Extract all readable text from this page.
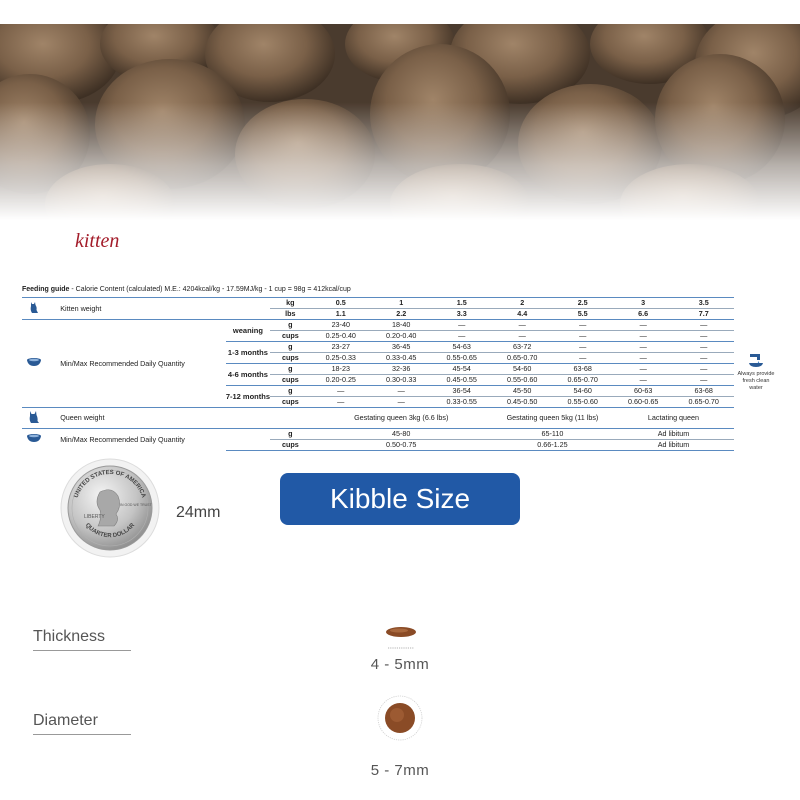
kitten
Feeding guide - Calorie Content (calculated) M.E.: 4204kcal/kg - 17.59MJ/kg - 1 cup = 98g = 412kcal/cup
	Kitten weight		kg	0.5	1	1.5	2	2.5	3	3.5
			lbs	1.1	2.2	3.3	4.4	5.5	6.6	7.7
	Min/Max Recommended Daily Quantity	weaning	g	23-40	18-40	—	—	—	—	—
			cups	0.25-0.40	0.20-0.40	—	—	—	—	—
		1-3 months	g	23-27	36-45	54-63	63-72	—	—	—
			cups	0.25-0.33	0.33-0.45	0.55-0.65	0.65-0.70	—	—	—
		4-6 months	g	18-23	32-36	45-54	54-60	63-68	—	—
			cups	0.20-0.25	0.30-0.33	0.45-0.55	0.55-0.60	0.65-0.70	—	—
		7-12 months	g	—	—	36-54	45-50	54-60	60-63	63-68
			cups	—	—	0.33-0.55	0.45-0.50	0.55-0.60	0.60-0.65	0.65-0.70
	Queen weight			Gestating queen 3kg (6.6 lbs)			Gestating queen 5kg (11 lbs)		Lactating queen	
	Min/Max Recommended Daily Quantity		g	45-80			65-110		Ad libitum	
			cups	0.50-0.75			0.66-1.25		Ad libitum	
Always provide
fresh clean
water
UNITED STATES OF AMERICA
QUARTER DOLLAR
LIBERTY
IN GOD WE TRUST 24mm	Kibble Size
Thickness
4 - 5mm
Diameter
5 - 7mm
